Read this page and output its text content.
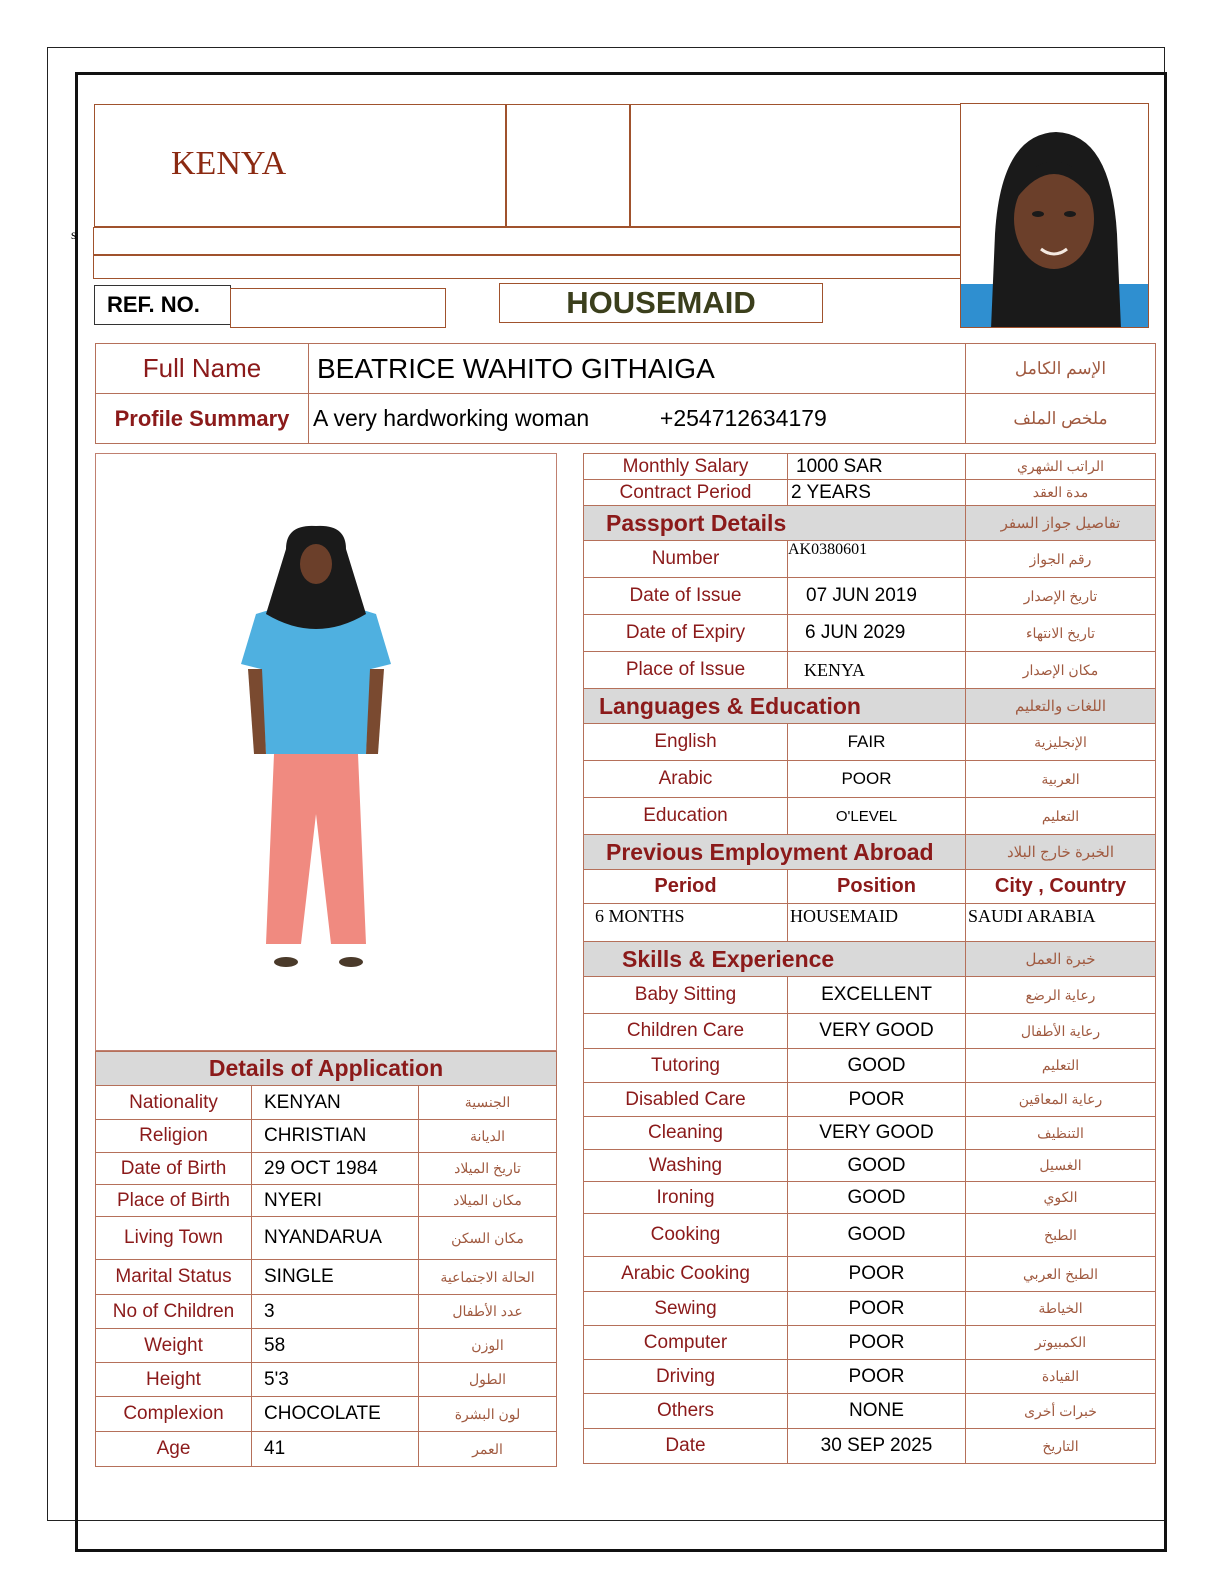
s
KENYA
REF. NO.	HOUSEMAID
Full Name	BEATRICE WAHITO GITHAIGA	الإسم الكامل
Profile Summary	A very hardworking woman +254712634179	ملخص الملف
Details of Application		
Nationality	KENYAN	الجنسية
Religion	CHRISTIAN	الديانة
Date of Birth	29 OCT 1984	تاريخ الميلاد
Place of Birth	NYERI	مكان الميلاد
Living Town	NYANDARUA	مكان السكن
Marital Status	SINGLE	الحالة الاجتماعية
No of Children	3	عدد الأطفال
Weight	58	الوزن
Height	5'3	الطول
Complexion	CHOCOLATE	لون البشرة
Age	41	العمر
Monthly Salary	1000 SAR	الراتب الشهري
Contract Period	2 YEARS	مدة العقد
Passport Details		تفاصيل جواز السفر
Number	AK0380601	رقم الجواز
Date of Issue	07 JUN 2019	تاريخ الإصدار
Date of Expiry	6 JUN 2029	تاريخ الانتهاء
Place of Issue	KENYA	مكان الإصدار
Languages & Education		اللغات والتعليم
English	FAIR	الإنجليزية
Arabic	POOR	العربية
Education	O'LEVEL	التعليم
Previous Employment Abroad		الخبرة خارج البلاد
Period	Position	City , Country
6 MONTHS	HOUSEMAID	SAUDI ARABIA
Skills & Experience		خبرة العمل
Baby Sitting	EXCELLENT	رعاية الرضع
Children Care	VERY GOOD	رعاية الأطفال
Tutoring	GOOD	التعليم
Disabled Care	POOR	رعاية المعاقين
Cleaning	VERY GOOD	التنظيف
Washing	GOOD	الغسيل
Ironing	GOOD	الكوي
Cooking	GOOD	الطبخ
Arabic Cooking	POOR	الطبخ العربي
Sewing	POOR	الخياطة
Computer	POOR	الكمبيوتر
Driving	POOR	القيادة
Others	NONE	خبرات أخرى
Date	30 SEP 2025	التاريخ
